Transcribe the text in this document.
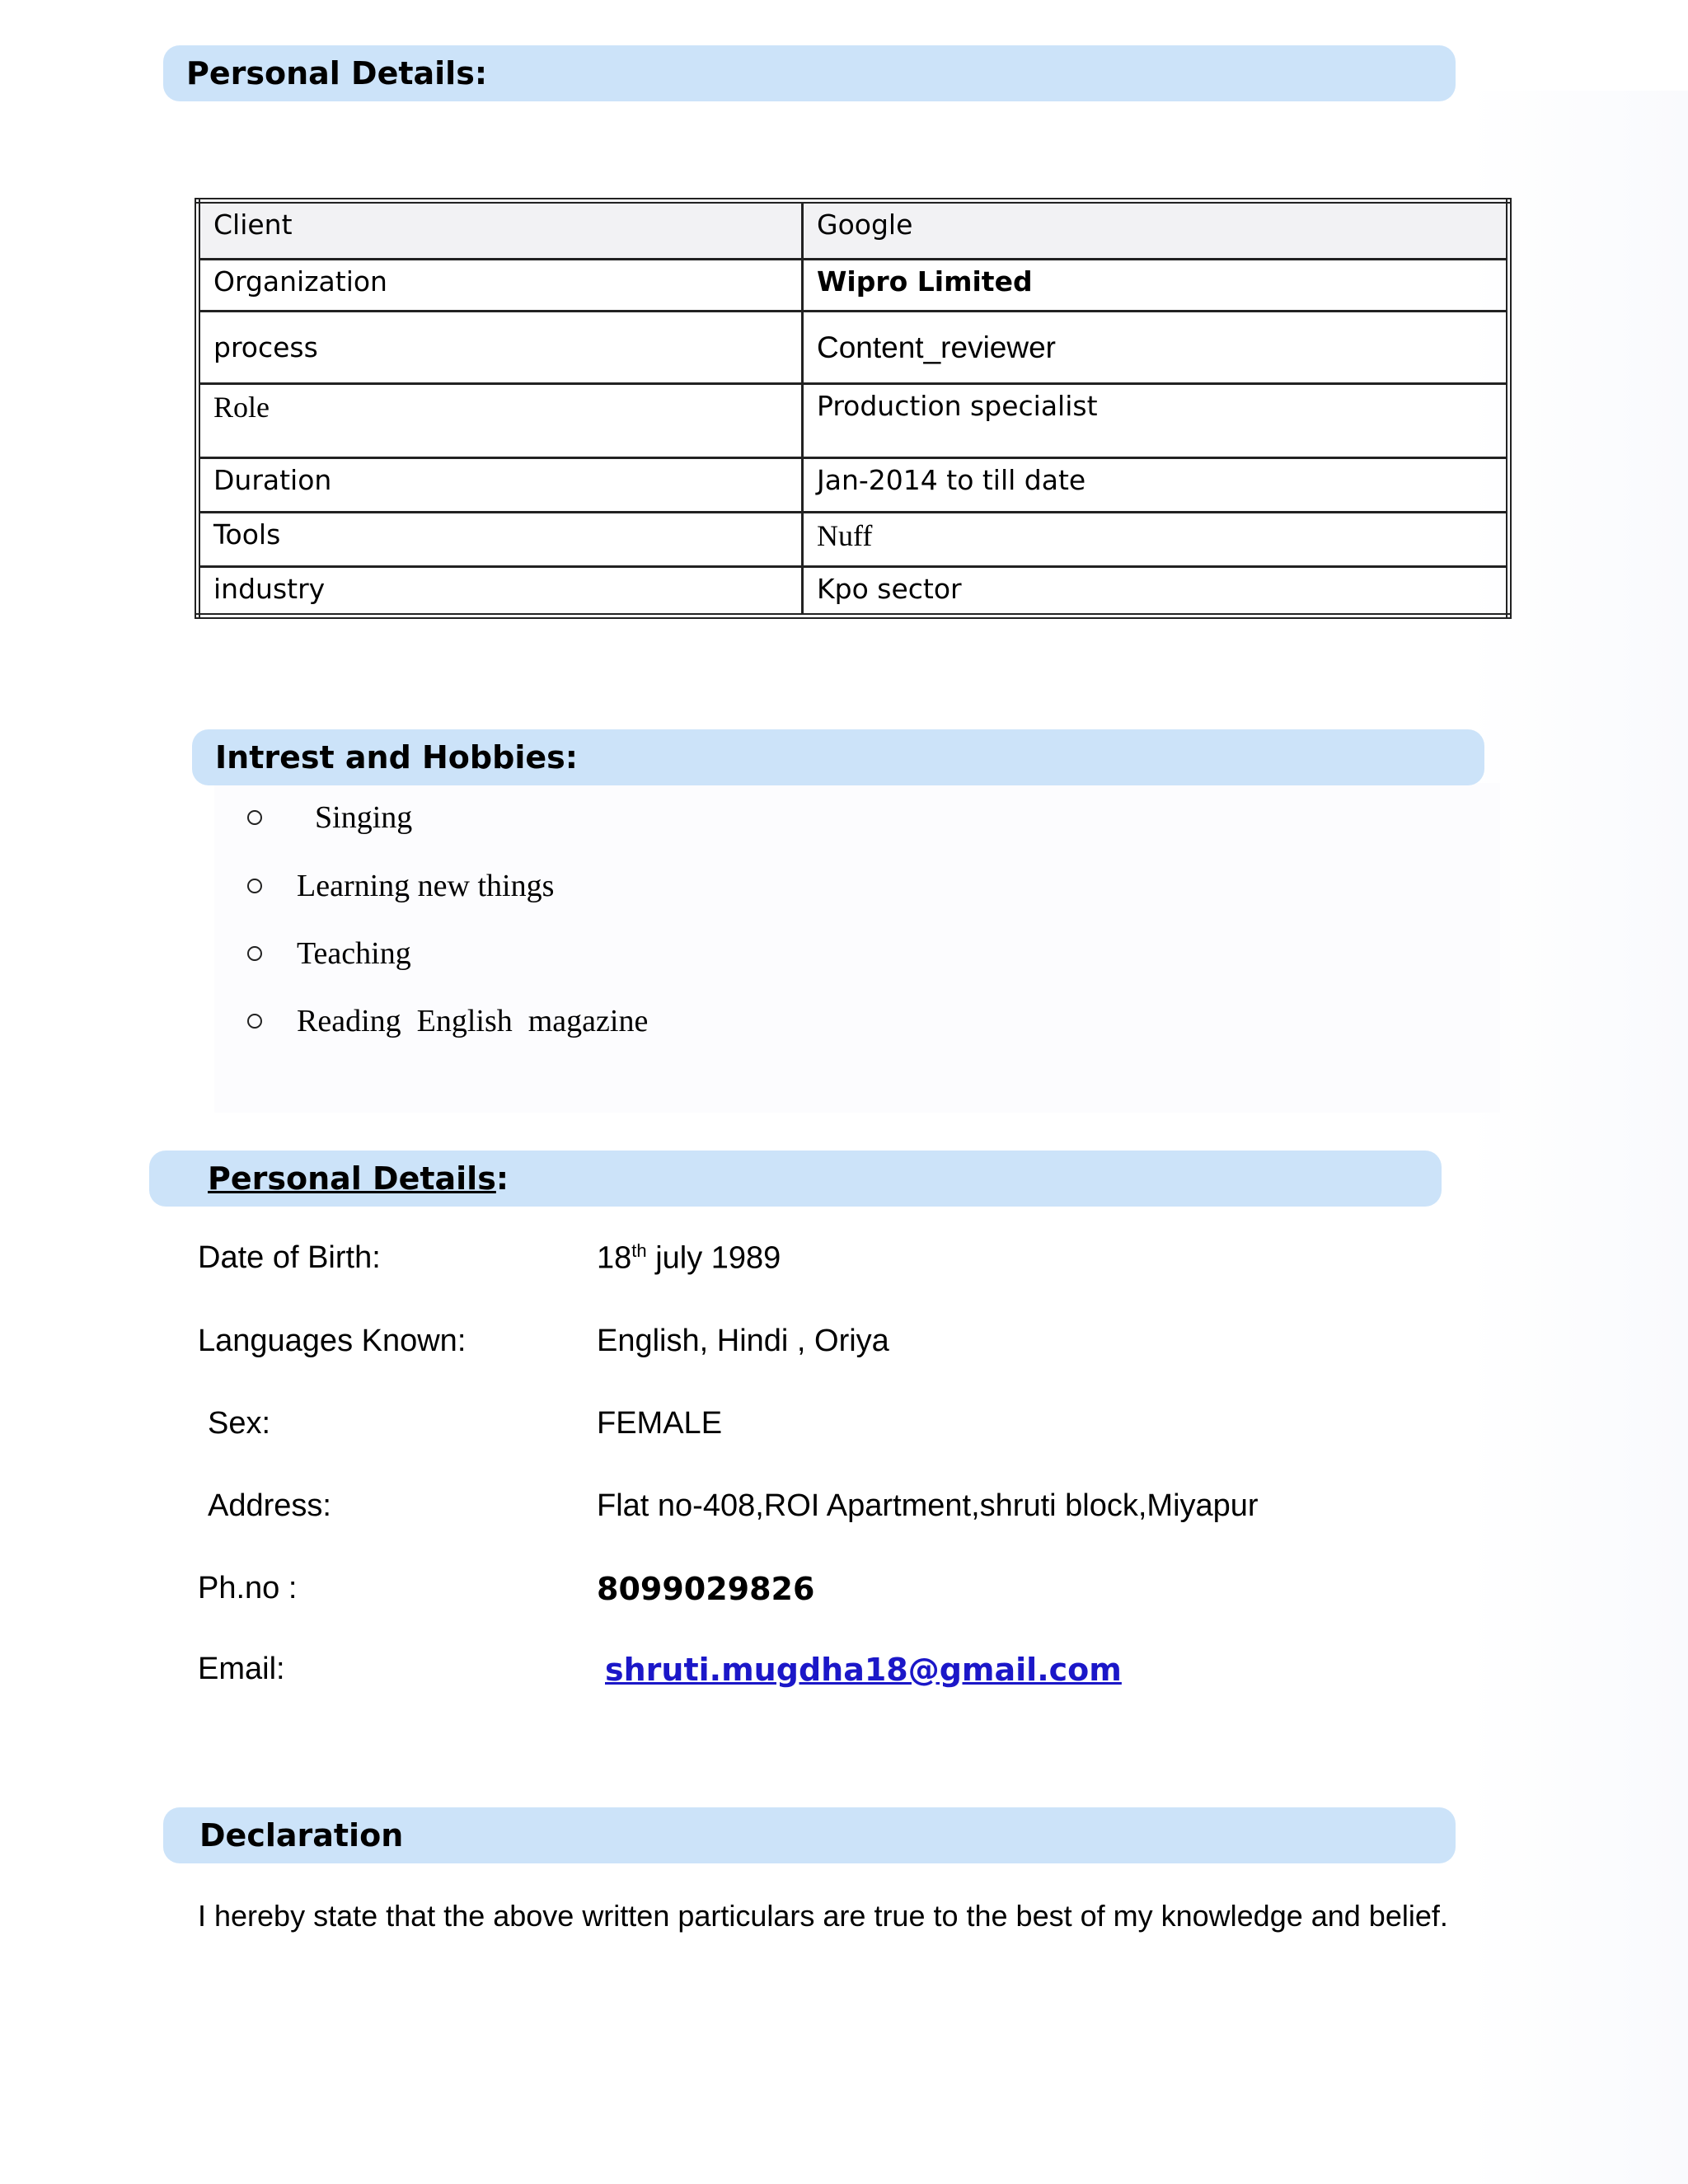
Personal Details:
Client	Google
Organization	Wipro Limited
process	Content_reviewer
Role	Production specialist
Duration	Jan-2014 to till date
Tools	Nuff
industry	Kpo sector
Intrest and Hobbies:
Singing
Learning new things
Teaching
Reading  English  magazine
Personal Details :
Date of Birth:	18th july 1989
Languages Known:	English, Hindi , Oriya
Sex:	FEMALE
Address:	Flat no-408,ROI Apartment,shruti block,Miyapur
Ph.no :	8099029826
Email:	shruti.mugdha18@gmail.com
Declaration
I hereby state that the above written particulars are true to the best of my knowledge and belief.
